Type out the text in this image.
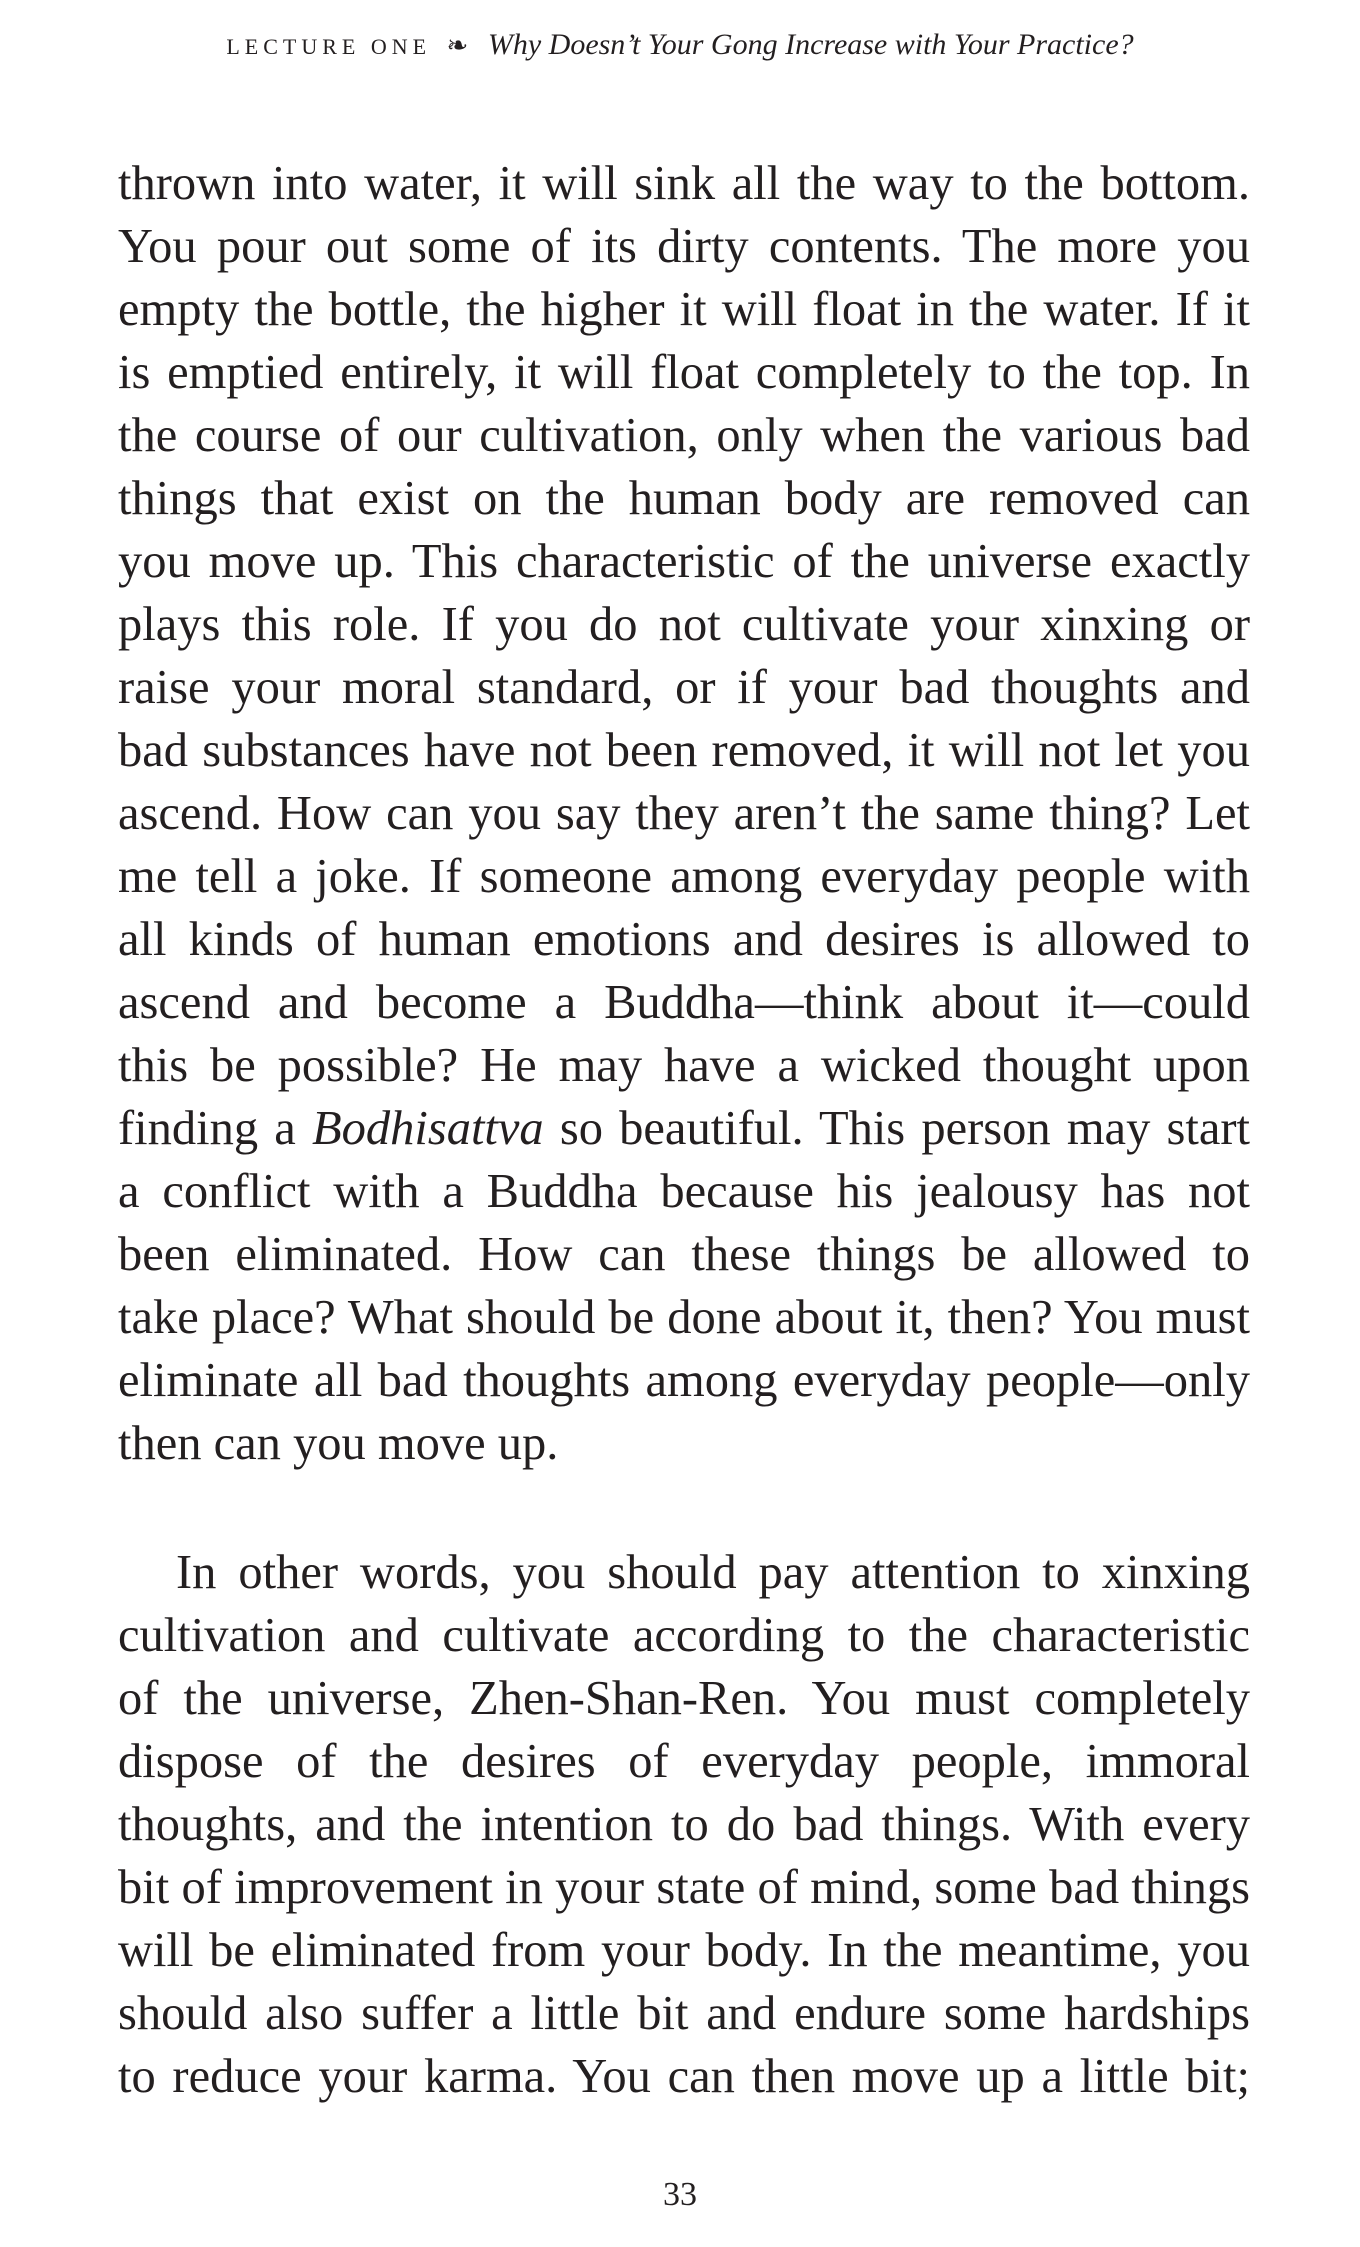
LECTURE ONE ❧ Why Doesn’t Your Gong Increase with Your Practice?
thrown into water, it will sink all the way to the bottom.
You pour out some of its dirty contents. The more you
empty the bottle, the higher it will float in the water. If it
is emptied entirely, it will float completely to the top. In
the course of our cultivation, only when the various bad
things that exist on the human body are removed can
you move up. This characteristic of the universe exactly
plays this role. If you do not cultivate your xinxing or
raise your moral standard, or if your bad thoughts and
bad substances have not been removed, it will not let you
ascend. How can you say they aren’t the same thing? Let
me tell a joke. If someone among everyday people with
all kinds of human emotions and desires is allowed to
ascend and become a Buddha—think about it—could
this be possible? He may have a wicked thought upon
finding a Bodhisattva so beautiful. This person may start
a conflict with a Buddha because his jealousy has not
been eliminated. How can these things be allowed to
take place? What should be done about it, then? You must
eliminate all bad thoughts among everyday people—only
then can you move up.
In other words, you should pay attention to xinxing
cultivation and cultivate according to the characteristic
of the universe, Zhen-Shan-Ren. You must completely
dispose of the desires of everyday people, immoral
thoughts, and the intention to do bad things. With every
bit of improvement in your state of mind, some bad things
will be eliminated from your body. In the meantime, you
should also suffer a little bit and endure some hardships
to reduce your karma. You can then move up a little bit;
33
